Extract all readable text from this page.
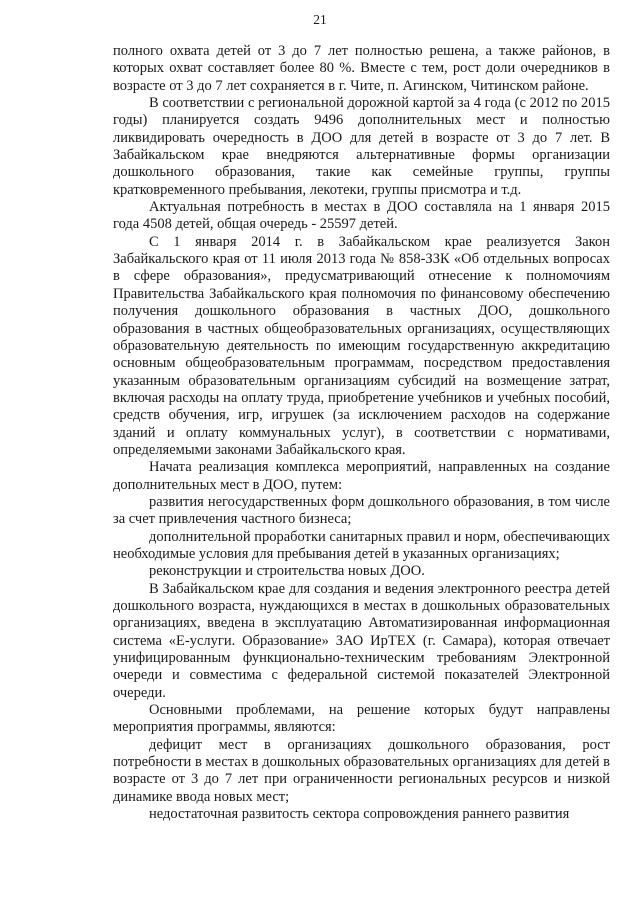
21

полного охвата детей от 3 до 7 лет полностью решена, а также районов, в которых охват составляет более 80 %. Вместе с тем, рост доли очередников в возрасте от 3 до 7 лет сохраняется в г. Чите, п. Агинском, Читинском районе.

В соответствии с региональной дорожной картой за 4 года (с 2012 по 2015 годы) планируется создать 9496 дополнительных мест и полностью ликвидировать очередность в ДОО для детей в возрасте от 3 до 7 лет. В Забайкальском крае внедряются альтернативные формы организации дошкольного образования, такие как семейные группы, группы кратковременного пребывания, лекотеки, группы присмотра и т.д.

Актуальная потребность в местах в ДОО составляла на 1 января 2015 года 4508 детей, общая очередь - 25597 детей.

С 1 января 2014 г. в Забайкальском крае реализуется Закон Забайкальского края от 11 июля 2013 года № 858-ЗЗК «Об отдельных вопросах в сфере образования», предусматривающий отнесение к полномочиям Правительства Забайкальского края полномочия по финансовому обеспечению получения дошкольного образования в частных ДОО, дошкольного образования в частных общеобразовательных организациях, осуществляющих образовательную деятельность по имеющим государственную аккредитацию основным общеобразовательным программам, посредством предоставления указанным образовательным организациям субсидий на возмещение затрат, включая расходы на оплату труда, приобретение учебников и учебных пособий, средств обучения, игр, игрушек (за исключением расходов на содержание зданий и оплату коммунальных услуг), в соответствии с нормативами, определяемыми законами Забайкальского края.

Начата реализация комплекса мероприятий, направленных на создание дополнительных мест в ДОО, путем:

развития негосударственных форм дошкольного образования, в том числе за счет привлечения частного бизнеса;

дополнительной проработки санитарных правил и норм, обеспечивающих необходимые условия для пребывания детей в указанных организациях;

реконструкции и строительства новых ДОО.

В Забайкальском крае для создания и ведения электронного реестра детей дошкольного возраста, нуждающихся в местах в дошкольных образовательных организациях, введена в эксплуатацию Автоматизированная информационная система «Е-услуги. Образование» ЗАО ИрТЕХ (г. Самара), которая отвечает унифицированным функционально-техническим требованиям Электронной очереди и совместима с федеральной системой показателей Электронной очереди.

Основными проблемами, на решение которых будут направлены мероприятия программы, являются:

дефицит мест в организациях дошкольного образования, рост потребности в местах в дошкольных образовательных организациях для детей в возрасте от 3 до 7 лет при ограниченности региональных ресурсов и низкой динамике ввода новых мест;

недостаточная развитость сектора сопровождения раннего развития
